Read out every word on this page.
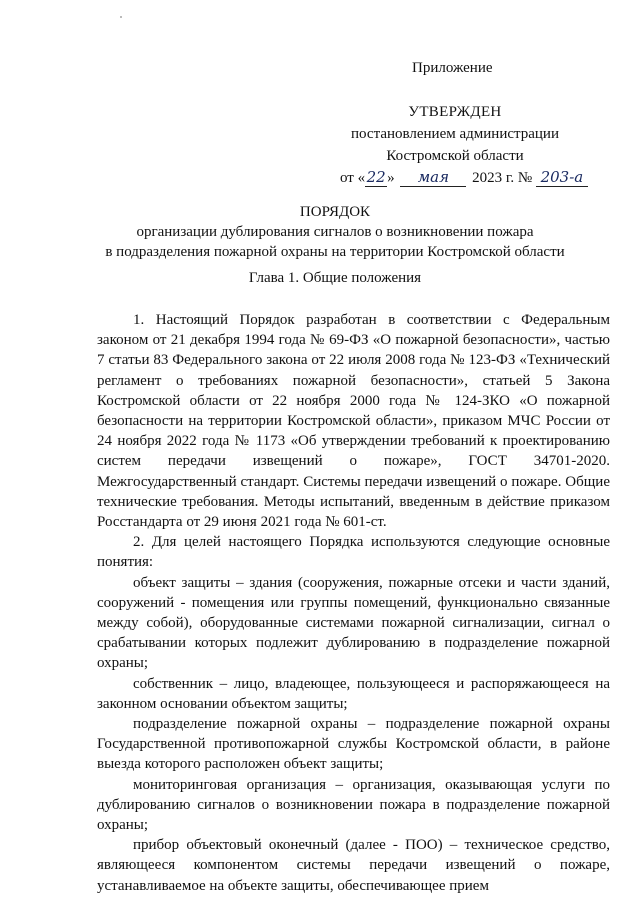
Приложение
УТВЕРЖДЕН
постановлением администрации
Костромской области
от «22» мая 2023 г. № 203-а
ПОРЯДОК
организации дублирования сигналов о возникновении пожара
в подразделения пожарной охраны на территории Костромской области
Глава 1. Общие положения

1. Настоящий Порядок разработан в соответствии с Федеральным законом от 21 декабря 1994 года № 69-ФЗ «О пожарной безопасности», частью 7 статьи 83 Федерального закона от 22 июля 2008 года № 123-ФЗ «Технический регламент о требованиях пожарной безопасности», статьей 5 Закона Костромской области от 22 ноября 2000 года № 124-ЗКО «О пожарной безопасности на территории Костромской области», приказом МЧС России от 24 ноября 2022 года № 1173 «Об утверждении требований к проектированию систем передачи извещений о пожаре», ГОСТ 34701-2020. Межгосударственный стандарт. Системы передачи извещений о пожаре. Общие технические требования. Методы испытаний, введенным в действие приказом Росстандарта от 29 июня 2021 года № 601-ст.

2. Для целей настоящего Порядка используются следующие основные понятия:

объект защиты – здания (сооружения, пожарные отсеки и части зданий, сооружений - помещения или группы помещений, функционально связанные между собой), оборудованные системами пожарной сигнализации, сигнал о срабатывании которых подлежит дублированию в подразделение пожарной охраны;

собственник – лицо, владеющее, пользующееся и распоряжающееся на законном основании объектом защиты;

подразделение пожарной охраны – подразделение пожарной охраны Государственной противопожарной службы Костромской области, в районе выезда которого расположен объект защиты;

мониторинговая организация – организация, оказывающая услуги по дублированию сигналов о возникновении пожара в подразделение пожарной охраны;

прибор объектовый оконечный (далее - ПОО) – техническое средство, являющееся компонентом системы передачи извещений о пожаре, устанавливаемое на объекте защиты, обеспечивающее прием
